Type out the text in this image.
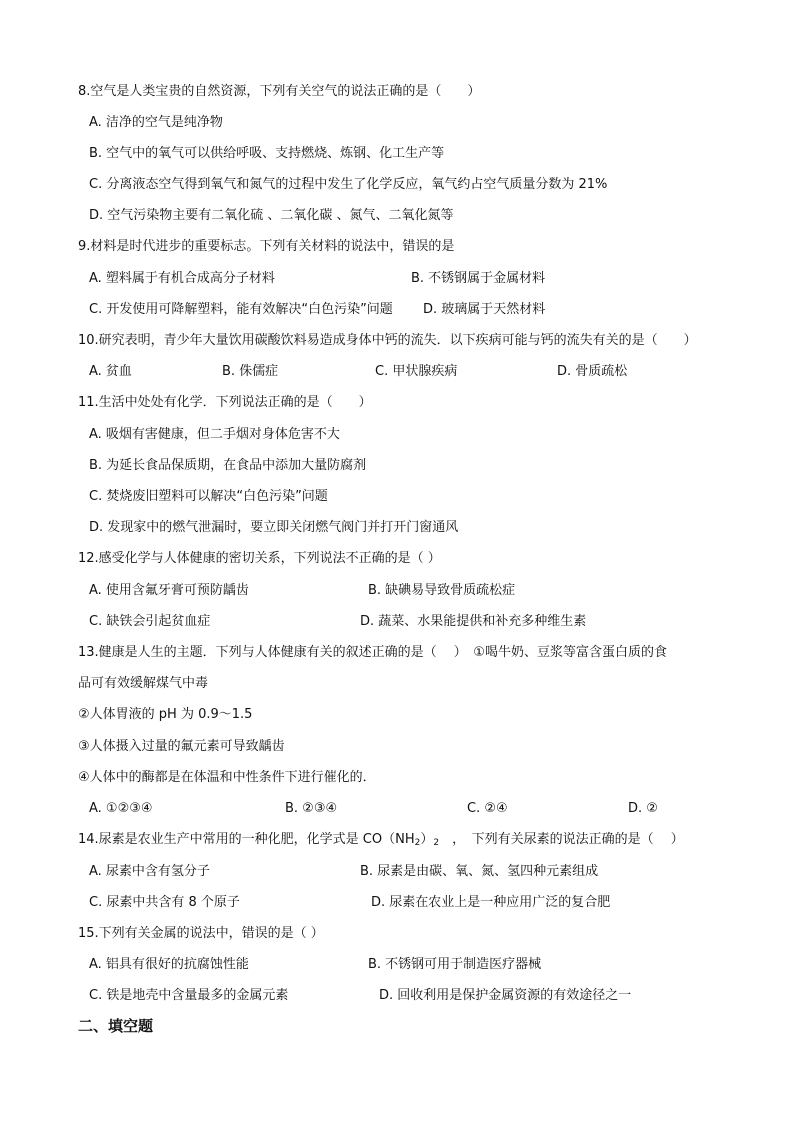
8.空气是人类宝贵的自然资源，下列有关空气的说法正确的是（　　）
A. 洁净的空气是纯净物
B. 空气中的氧气可以供给呼吸、支持燃烧、炼钢、化工生产等
C. 分离液态空气得到氧气和氮气的过程中发生了化学反应，氧气约占空气质量分数为 21%
D. 空气污染物主要有二氧化硫 、二氧化碳 、氮气、二氧化氮等
9.材料是时代进步的重要标志。下列有关材料的说法中，错误的是
A. 塑料属于有机合成高分子材料	B. 不锈钢属于金属材料
C. 开发使用可降解塑料，能有效解决“白色污染”问题 D. 玻璃属于天然材料
10.研究表明，青少年大量饮用碳酸饮料易造成身体中钙的流失．以下疾病可能与钙的流失有关的是（　　）
A. 贫血	B. 侏儒症	C. 甲状腺疾病	D. 骨质疏松
11.生活中处处有化学．下列说法正确的是（　　）
A. 吸烟有害健康，但二手烟对身体危害不大
B. 为延长食品保质期，在食品中添加大量防腐剂
C. 焚烧废旧塑料可以解决“白色污染”问题
D. 发现家中的燃气泄漏时，要立即关闭燃气阀门并打开门窗通风
12.感受化学与人体健康的密切关系，下列说法不正确的是（ ）
A. 使用含氟牙膏可预防龋齿	B. 缺碘易导致骨质疏松症
C. 缺铁会引起贫血症	D. 蔬菜、水果能提供和补充多种维生素
13.健康是人生的主题．下列与人体健康有关的叙述正确的是（　 ）　①喝牛奶、豆浆等富含蛋白质的食
品可有效缓解煤气中毒
②人体胃液的 pH 为 0.9～1.5
③人体摄入过量的氟元素可导致龋齿
④人体中的酶都是在体温和中性条件下进行催化的．
A. ①②③④	B. ②③④	C. ②④	D. ②
14.尿素是农业生产中常用的一种化肥，化学式是 $CO(NH_2)_2$　，　下列有关尿素的说法正确的是（　 ）
A. 尿素中含有氢分子	B. 尿素是由碳、氧、氮、氢四种元素组成
C. 尿素中共含有 8 个原子	D. 尿素在农业上是一种应用广泛的复合肥
15.下列有关金属的说法中，错误的是（ ）
A. 铝具有很好的抗腐蚀性能	B. 不锈钢可用于制造医疗器械
C. 铁是地壳中含量最多的金属元素	D. 回收利用是保护金属资源的有效途径之一
二、填空题
